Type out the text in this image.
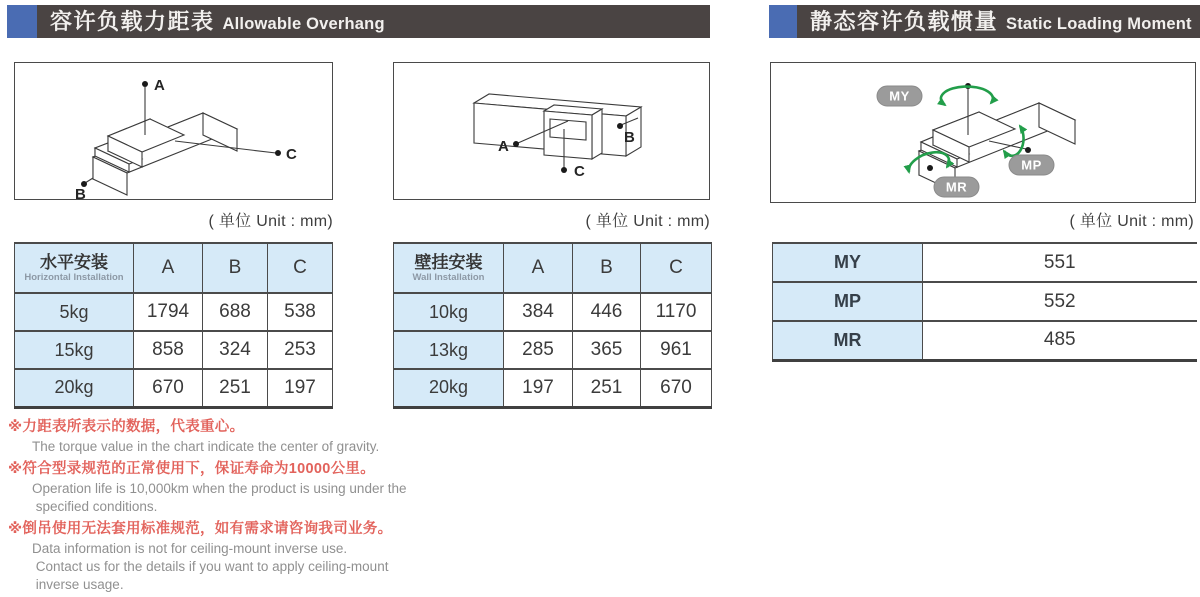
容许负载力距表 Allowable Overhang	静态容许负载惯量 Static Loading Moment
A
C
B
A
C
B
MY
MP
MR
( 单位 Unit : mm)	( 单位 Unit : mm)	( 单位 Unit : mm)
水平安装
Horizontal Installation	A	B	C
5kg	1794	688	538
15kg	858	324	253
20kg	670	251	197
壁挂安装
Wall Installation	A	B	C
10kg	384	446	1170
13kg	285	365	961
20kg	197	251	670
MY	551
MP	552
MR	485
※力距表所表示的数据，代表重心。
The torque value in the chart indicate the center of gravity.
※符合型录规范的正常使用下，保证寿命为10000公里。
Operation life is 10,000km when the product is using under the
specified conditions.
※倒吊使用无法套用标准规范，如有需求请咨询我司业务。
Data information is not for ceiling-mount inverse use.
Contact us for the details if you want to apply ceiling-mount
inverse usage.
